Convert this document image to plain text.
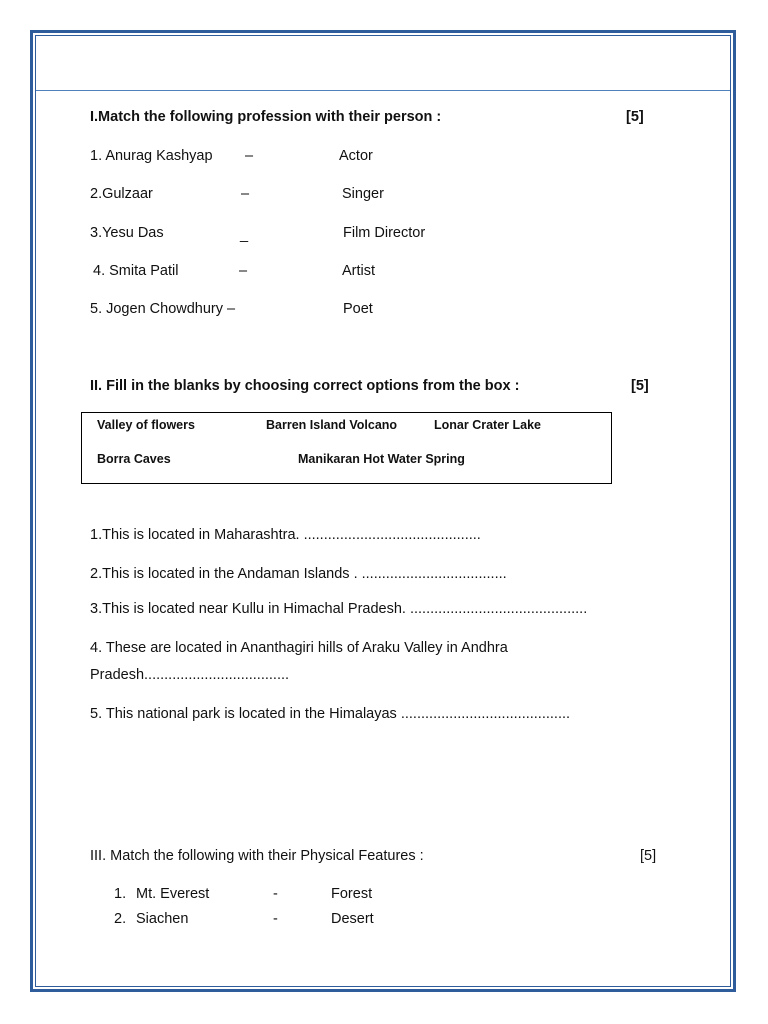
I.Match the following profession with their person :	[5]
1. Anurag Kashyap –	Actor
2.Gulzaar	–	Singer
3.Yesu Das	_	Film Director
4. Smita Patil	–	Artist
5. Jogen Chowdhury –	Poet
II. Fill in the blanks by choosing correct options from the box :	[5]
Valley of flowers	Barren Island Volcano	Lonar Crater Lake
Borra Caves	Manikaran Hot Water Spring
1.This is located in Maharashtra. ............................................
2.This is located in the Andaman Islands . ....................................
3.This is located near Kullu in Himachal Pradesh. ............................................
4. These are located in Ananthagiri hills of Araku Valley in Andhra
Pradesh....................................
5. This national park is located in the Himalayas ..........................................
III. Match the following with their Physical Features :	[5]
1. Mt. Everest	-	Forest
2. Siachen	-	Desert
